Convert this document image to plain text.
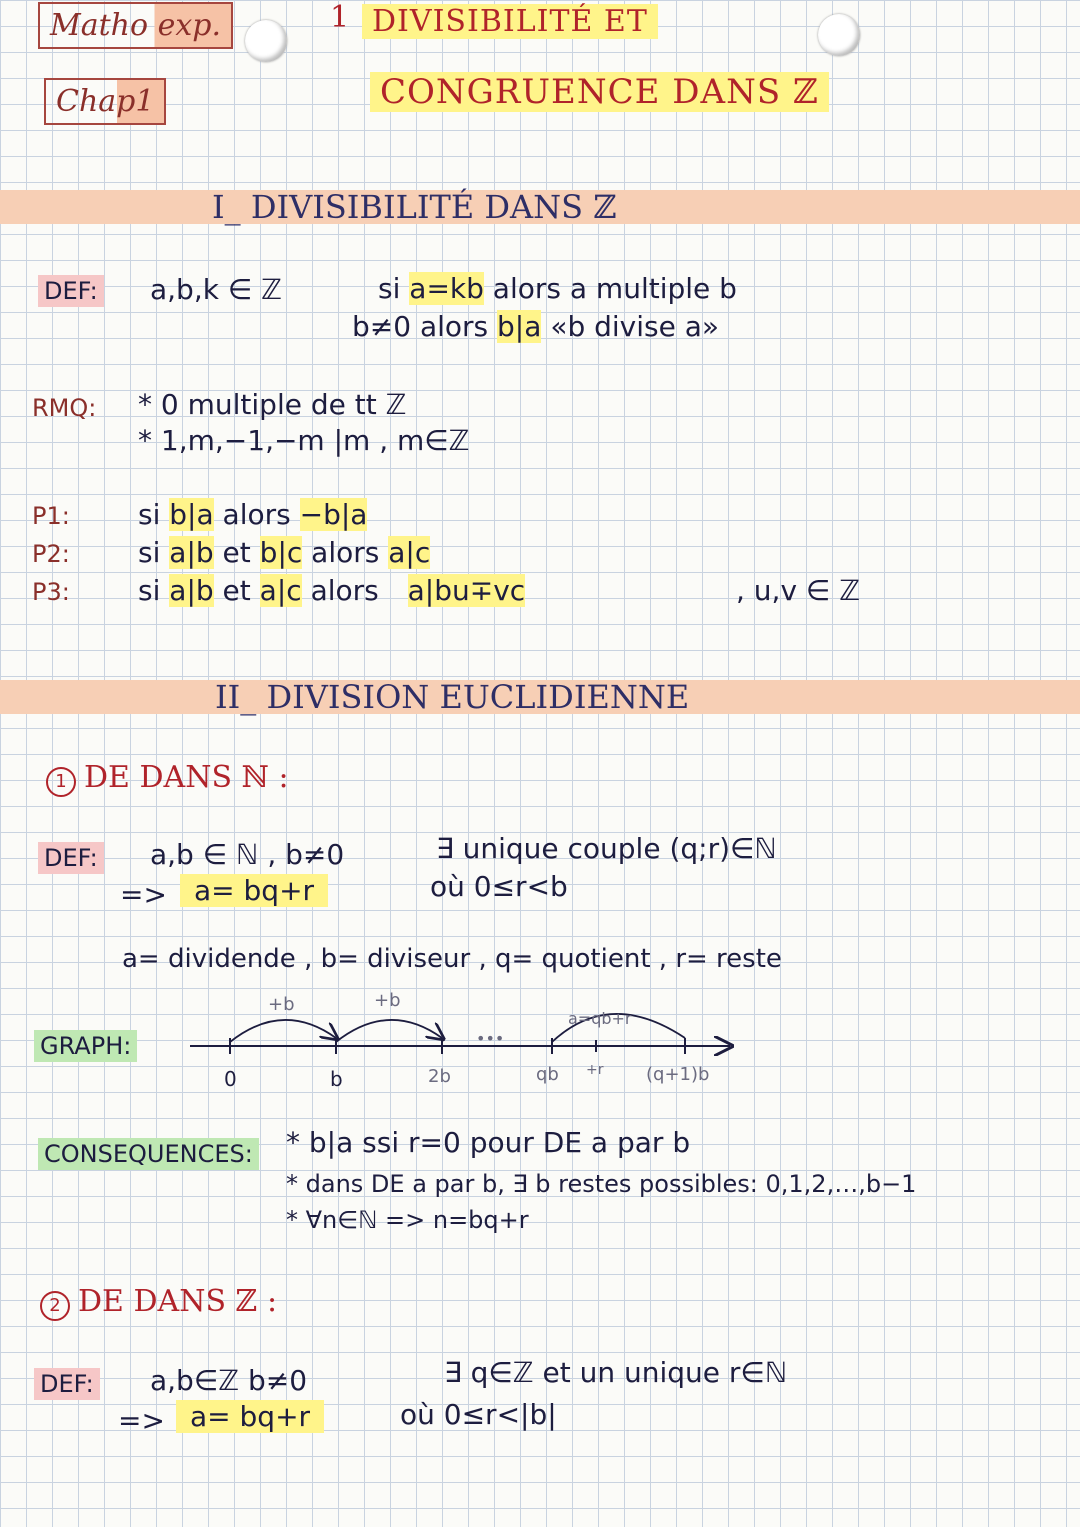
Matho exp.
Chap1
1 DIVISIBILITÉ ET
CONGRUENCE DANS ℤ
I_ DIVISIBILITÉ DANS ℤ
DEF: a,b,k ∈ ℤ	si a=kb alors a multiple b
b≠0 alors b|a «b divise a»
RMQ: * 0 multiple de tt ℤ
* 1,m,−1,−m |m , m∈ℤ
P1: si b|a alors −b|a
P2: si a|b et b|c alors a|c
P3: si a|b et a|c alors a|bu∓vc	, u,v ∈ ℤ
II_ DIVISION EUCLIDIENNE
1 DE DANS ℕ :
DEF: a,b ∈ ℕ , b≠0
=> a= bq+r
∃ unique couple (q;r)∈ℕ
où 0≤r<b
a= dividende , b= diviseur , q= quotient , r= reste
GRAPH:
+b	+b
a=qb+r
•••
+r
0	b	2b	qb	(q+1)b
CONSEQUENCES: * b|a ssi r=0 pour DE a par b
* dans DE a par b, ∃ b restes possibles: 0,1,2,…,b−1
* ∀n∈ℕ => n=bq+r
2 DE DANS ℤ :
DEF: a,b∈ℤ b≠0
=> a= bq+r
∃ q∈ℤ et un unique r∈ℕ
où 0≤r<|b|
